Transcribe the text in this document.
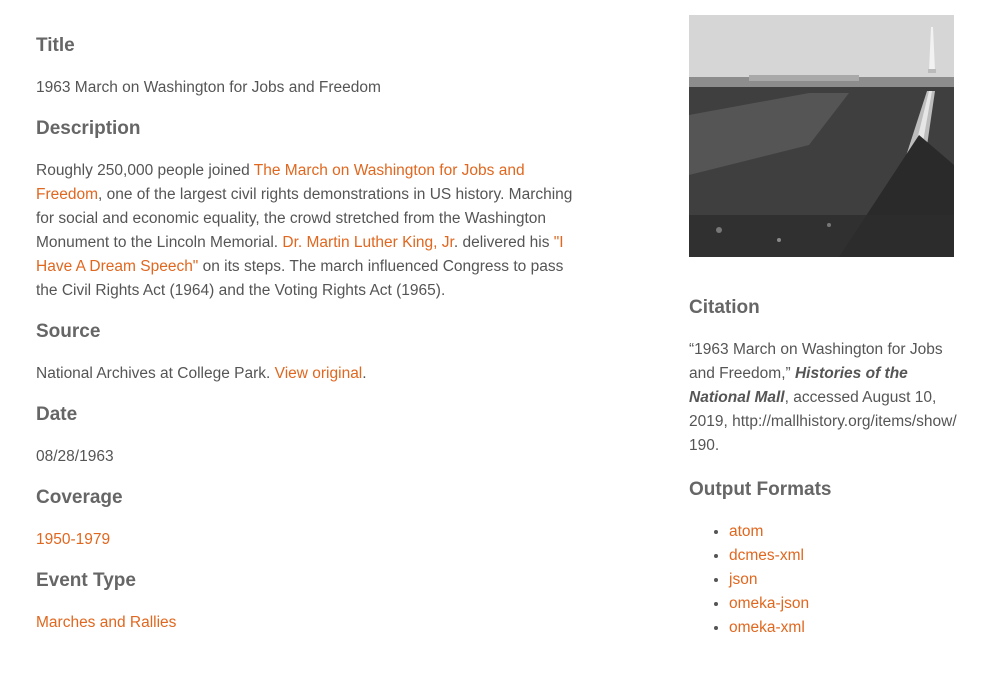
Title

1963 March on Washington for Jobs and Freedom

Description

Roughly 250,000 people joined The March on Washington for Jobs and Freedom, one of the largest civil rights demonstrations in US history. Marching for social and economic equality, the crowd stretched from the Washington Monument to the Lincoln Memorial. Dr. Martin Luther King, Jr. delivered his "I Have A Dream Speech" on its steps. The march influenced Congress to pass the Civil Rights Act (1964) and the Voting Rights Act (1965).

Source

National Archives at College Park. View original.

Date

08/28/1963

Coverage

1950-1979

Event Type

Marches and Rallies

Citation

“1963 March on Washington for Jobs and Freedom,” Histories of the National Mall, accessed August 10, 2019, http://mallhistory.org/items/show/190.

Output Formats
• atom
• dcmes-xml
• json
• omeka-json
• omeka-xml
